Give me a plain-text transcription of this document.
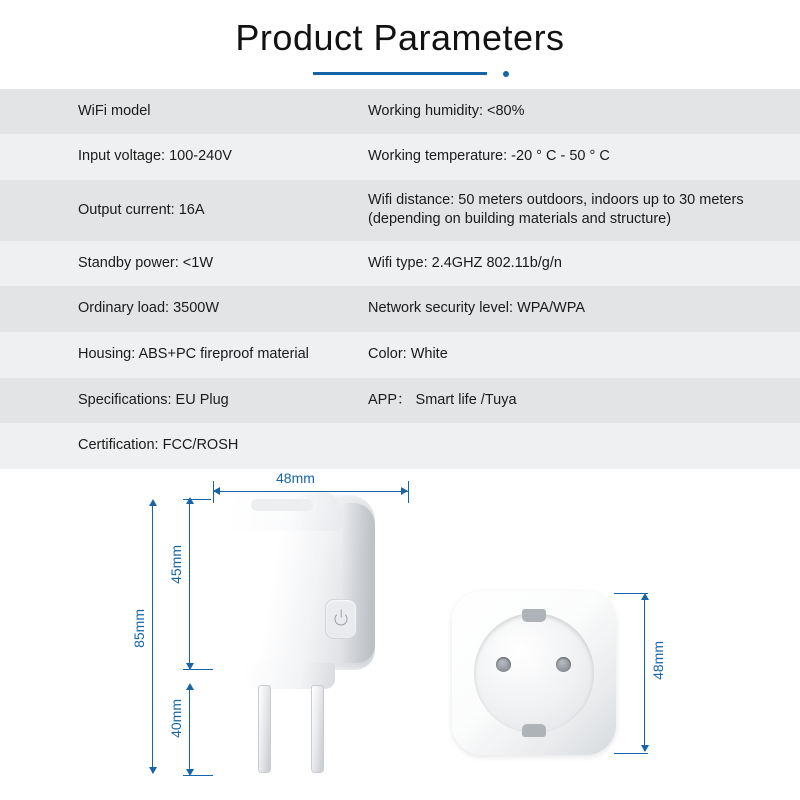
Product Parameters
WiFi model	Working humidity: <80%

Input voltage: 100-240V	Working temperature: -20 ° C - 50 ° C

Output current: 16A	Wifi distance: 50 meters outdoors, indoors up to 30 meters (depending on building materials and structure)

Standby power: <1W	Wifi type: 2.4GHZ 802.11b/g/n

Ordinary load: 3500W	Network security level: WPA/WPA

Housing: ABS+PC fireproof material	Color: White

Specifications: EU Plug	APP： Smart life /Tuya

Certification: FCC/ROSH	
48mm
45mm
40mm
85mm
48mm
